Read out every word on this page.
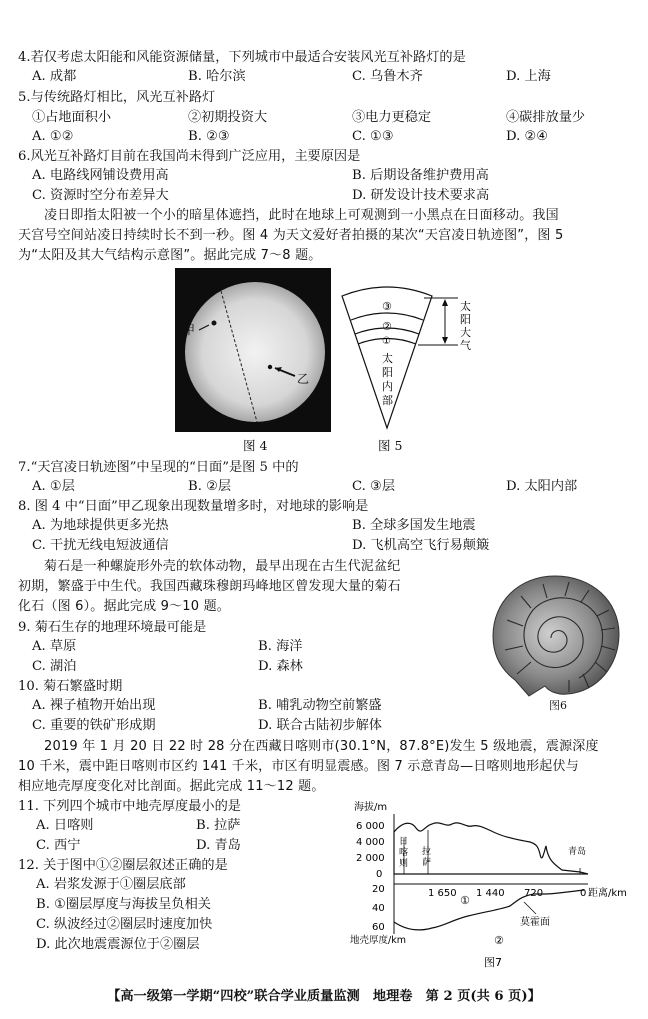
4.若仅考虑太阳能和风能资源储量，下列城市中最适合安装风光互补路灯的是
A. 成都	B. 哈尔滨	C. 乌鲁木齐	D. 上海
5.与传统路灯相比，风光互补路灯
①占地面积小	②初期投资大	③电力更稳定	④碳排放量少
A. ①②	B. ②③	C. ①③	D. ②④
6.风光互补路灯目前在我国尚未得到广泛应用，主要原因是
A. 电路线网铺设费用高	B. 后期设备维护费用高
C. 资源时空分布差异大	D. 研发设计技术要求高
凌日即指太阳被一个小的暗星体遮挡，此时在地球上可观测到一小黑点在日面移动。我国
天宫号空间站凌日持续时长不到一秒。图 4 为天文爱好者拍摄的某次“天宫凌日轨迹图”，图 5
为“太阳及其大气结构示意图”。据此完成 7～8 题。
甲
乙
图 4
③
②
①
太
阳
内
部
太
阳
大
气
图 5
7.“天宫凌日轨迹图”中呈现的“日面”是图 5 中的
A. ①层	B. ②层	C. ③层	D. 太阳内部
8. 图 4 中“日面”甲乙现象出现数量增多时，对地球的影响是
A. 为地球提供更多光热	B. 全球多国发生地震
C. 干扰无线电短波通信	D. 飞机高空飞行易颠簸
菊石是一种螺旋形外壳的软体动物，最早出现在古生代泥盆纪
初期，繁盛于中生代。我国西藏珠穆朗玛峰地区曾发现大量的菊石
化石（图 6）。据此完成 9～10 题。
图6
9. 菊石生存的地理环境最可能是
A. 草原	B. 海洋
C. 湖泊	D. 森林
10. 菊石繁盛时期
A. 裸子植物开始出现	B. 哺乳动物空前繁盛
C. 重要的铁矿形成期	D. 联合古陆初步解体
2019 年 1 月 20 日 22 时 28 分在西藏日喀则市(30.1°N，87.8°E)发生 5 级地震，震源深度
10 千米，震中距日喀则市区约 141 千米，市区有明显震感。图 7 示意青岛—日喀则地形起伏与
相应地壳厚度变化对比剖面。据此完成 11～12 题。
11. 下列四个城市中地壳厚度最小的是
A. 日喀则	B. 拉萨
C. 西宁	D. 青岛
12. 关于图中①②圈层叙述正确的是
A. 岩浆发源于①圈层底部
B. ①圈层厚度与海拔呈负相关
C. 纵波经过②圈层时速度加快
D. 此次地震震源位于②圈层
海拔/m
6 000
4 000
2 000
0
日
喀
则
拉
萨
青岛
1 650 1 440 720	0 距离/km
20
40
60
①
②
莫霍面
地壳厚度/km
图7
【高一级第一学期“四校”联合学业质量监测　地理卷　第 2 页(共 6 页)】
